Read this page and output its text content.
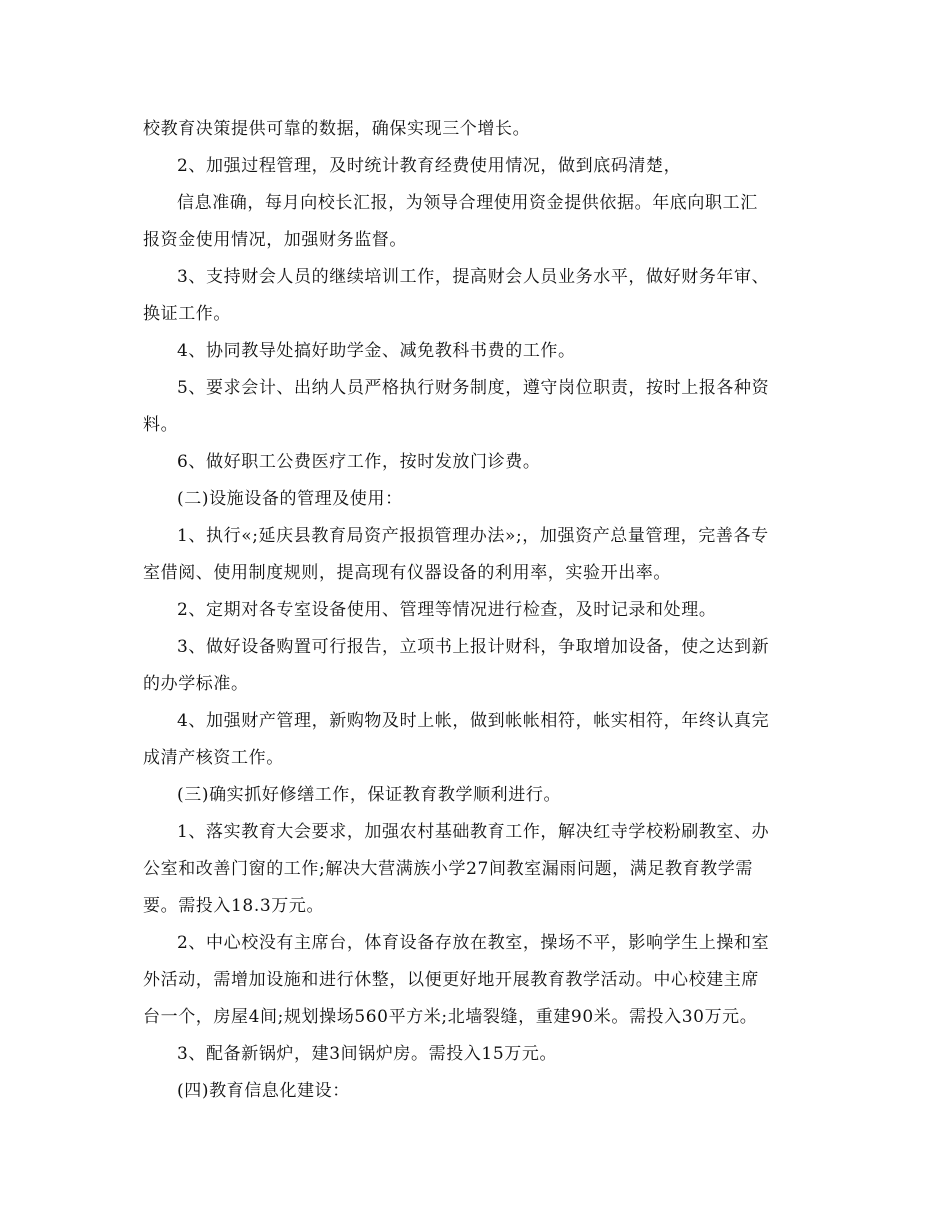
校教育决策提供可靠的数据，确保实现三个增长。
2、加强过程管理，及时统计教育经费使用情况，做到底码清楚，
信息准确，每月向校长汇报，为领导合理使用资金提供依据。年底向职工汇
报资金使用情况，加强财务监督。
3、支持财会人员的继续培训工作，提高财会人员业务水平，做好财务年审、
换证工作。
4、协同教导处搞好助学金、减免教科书费的工作。
5、要求会计、出纳人员严格执行财务制度，遵守岗位职责，按时上报各种资
料。
6、做好职工公费医疗工作，按时发放门诊费。
(二)设施设备的管理及使用：
1、执行«;延庆县教育局资产报损管理办法»;，加强资产总量管理，完善各专
室借阅、使用制度规则，提高现有仪器设备的利用率，实验开出率。
2、定期对各专室设备使用、管理等情况进行检查，及时记录和处理。
3、做好设备购置可行报告，立项书上报计财科，争取增加设备，使之达到新
的办学标准。
4、加强财产管理，新购物及时上帐，做到帐帐相符，帐实相符，年终认真完
成清产核资工作。
(三)确实抓好修缮工作，保证教育教学顺利进行。
1、落实教育大会要求，加强农村基础教育工作，解决红寺学校粉刷教室、办
公室和改善门窗的工作;解决大营满族小学27间教室漏雨问题，满足教育教学需
要。需投入18.3万元。
2、中心校没有主席台，体育设备存放在教室，操场不平，影响学生上操和室
外活动，需增加设施和进行休整，以便更好地开展教育教学活动。中心校建主席
台一个，房屋4间;规划操场560平方米;北墙裂缝，重建90米。需投入30万元。
3、配备新锅炉，建3间锅炉房。需投入15万元。
(四)教育信息化建设：
